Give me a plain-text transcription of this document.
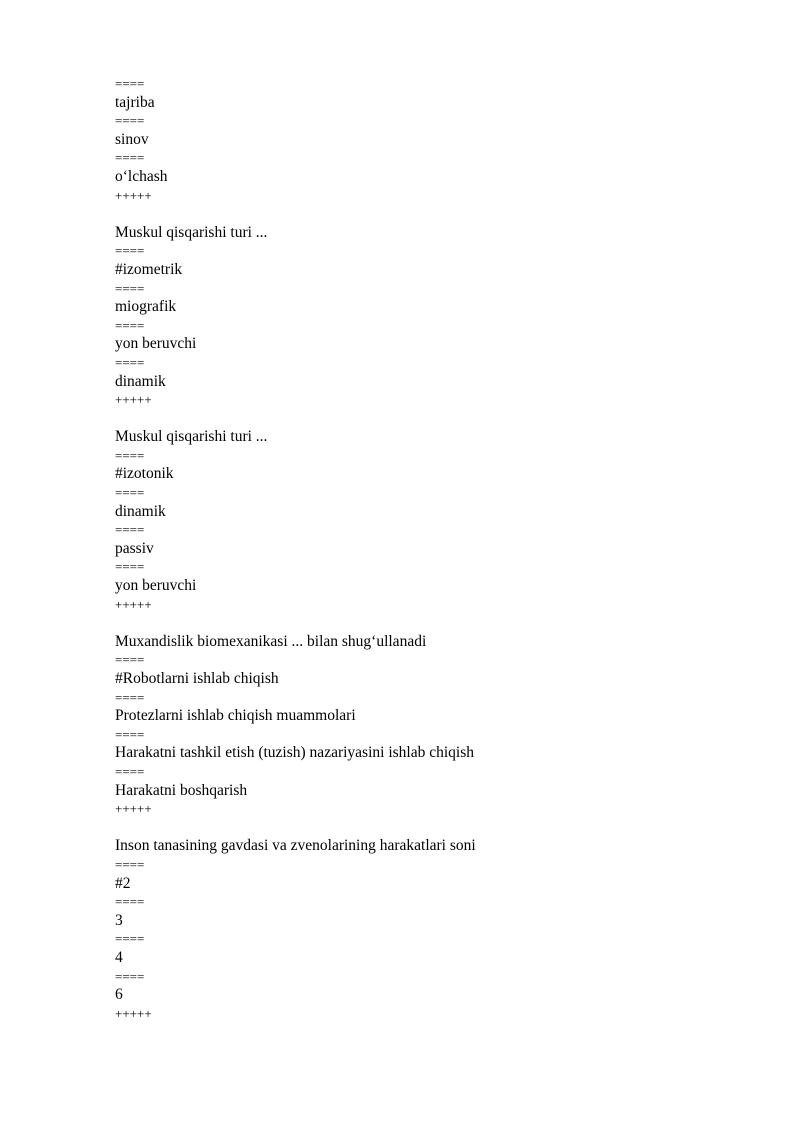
====
tajriba
====
sinov
====
o‘lchash
+++++
Muskul qisqarishi turi ...
====
#izometrik
====
miografik
====
yon beruvchi
====
dinamik
+++++
Muskul qisqarishi turi ...
====
#izotonik
====
dinamik
====
passiv
====
yon beruvchi
+++++
Muxandislik biomexanikasi ... bilan shug‘ullanadi
====
#Robotlarni ishlab chiqish
====
Protezlarni ishlab chiqish muammolari
====
Harakatni tashkil etish (tuzish) nazariyasini ishlab chiqish
====
Harakatni boshqarish
+++++
Inson tanasining gavdasi va zvenolarining harakatlari soni
====
#2
====
3
====
4
====
6
+++++
